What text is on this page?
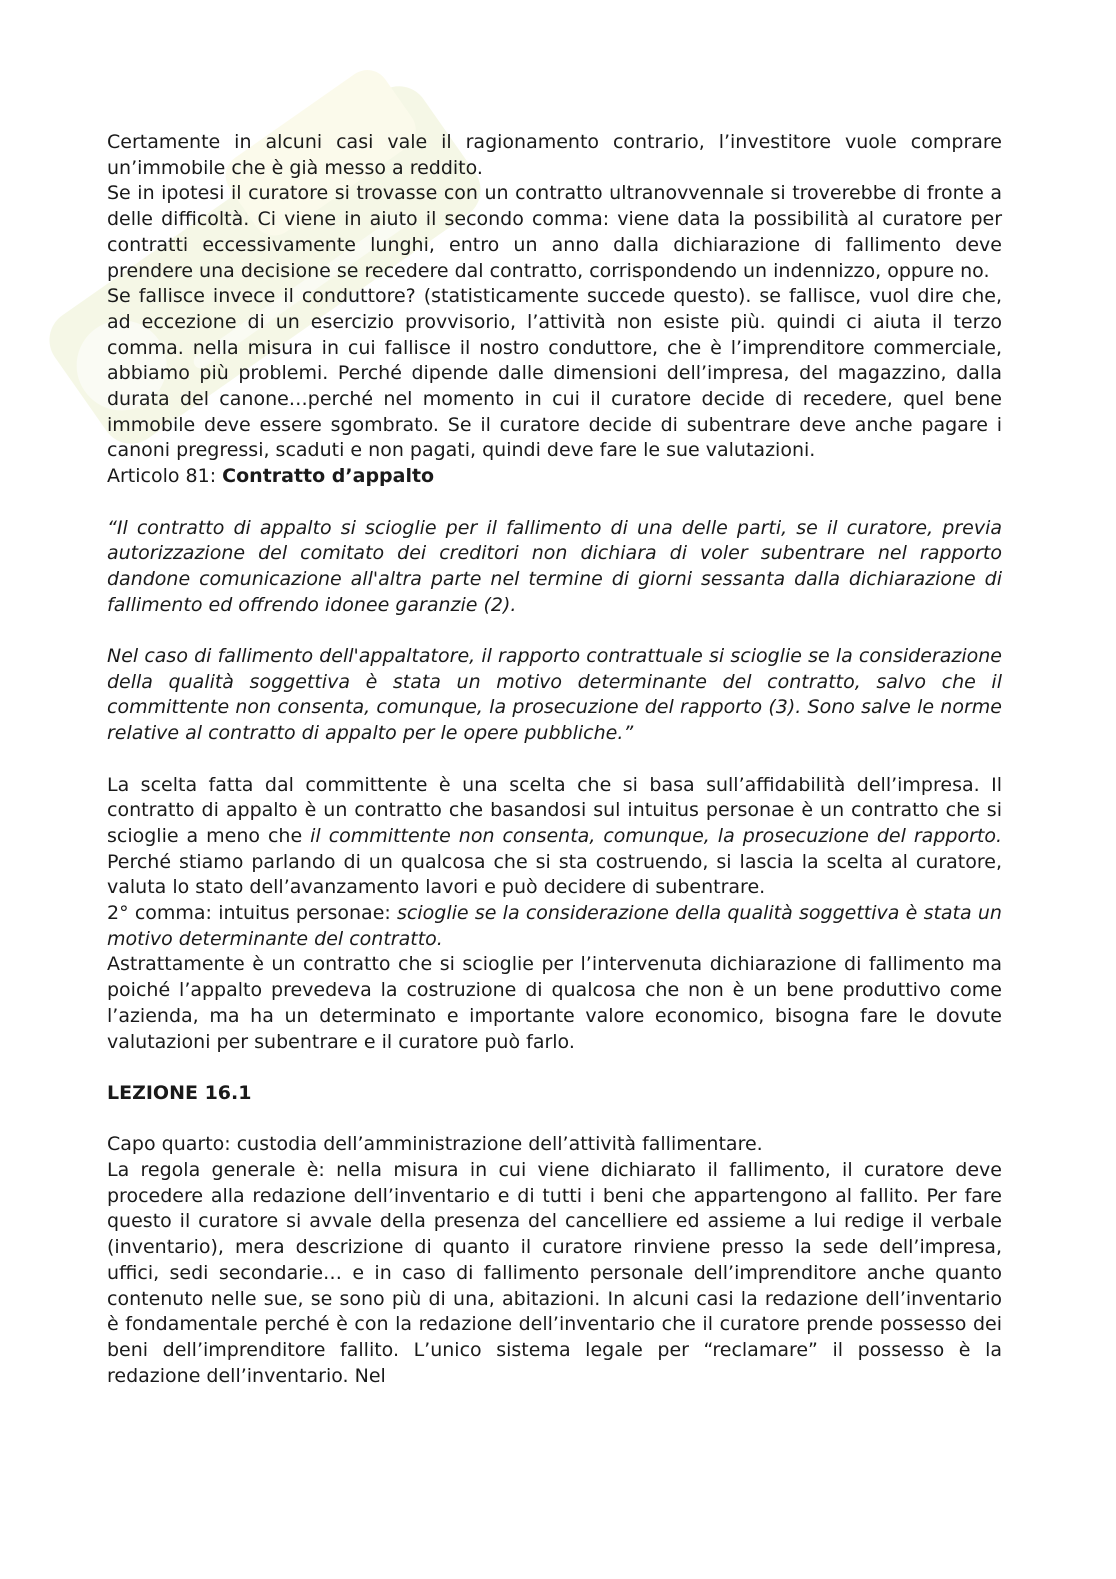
Certamente in alcuni casi vale il ragionamento contrario, l’investitore vuole comprare un’immobile che è già messo a reddito.

Se in ipotesi il curatore si trovasse con un contratto ultranovvennale si troverebbe di fronte a delle difficoltà. Ci viene in aiuto il secondo comma: viene data la possibilità al curatore per contratti eccessivamente lunghi, entro un anno dalla dichiarazione di fallimento deve prendere una decisione se recedere dal contratto, corrispondendo un indennizzo, oppure no.

Se fallisce invece il conduttore? (statisticamente succede questo). se fallisce, vuol dire che, ad eccezione di un esercizio provvisorio, l’attività non esiste più. quindi ci aiuta il terzo comma. nella misura in cui fallisce il nostro conduttore, che è l’imprenditore commerciale, abbiamo più problemi. Perché dipende dalle dimensioni dell’impresa, del magazzino, dalla durata del canone…perché nel momento in cui il curatore decide di recedere, quel bene immobile deve essere sgombrato. Se il curatore decide di subentrare deve anche pagare i canoni pregressi, scaduti e non pagati, quindi deve fare le sue valutazioni.

Articolo 81: Contratto d’appalto

“Il contratto di appalto si scioglie per il fallimento di una delle parti, se il curatore, previa autorizzazione del comitato dei creditori non dichiara di voler subentrare nel rapporto dandone comunicazione all'altra parte nel termine di giorni sessanta dalla dichiarazione di fallimento ed offrendo idonee garanzie (2).

Nel caso di fallimento dell'appaltatore, il rapporto contrattuale si scioglie se la considerazione della qualità soggettiva è stata un motivo determinante del contratto, salvo che il committente non consenta, comunque, la prosecuzione del rapporto (3). Sono salve le norme relative al contratto di appalto per le opere pubbliche.”

La scelta fatta dal committente è una scelta che si basa sull’affidabilità dell’impresa. Il contratto di appalto è un contratto che basandosi sul intuitus personae è un contratto che si scioglie a meno che il committente non consenta, comunque, la prosecuzione del rapporto. Perché stiamo parlando di un qualcosa che si sta costruendo, si lascia la scelta al curatore, valuta lo stato dell’avanzamento lavori e può decidere di subentrare.

2° comma: intuitus personae: scioglie se la considerazione della qualità soggettiva è stata un motivo determinante del contratto.

Astrattamente è un contratto che si scioglie per l’intervenuta dichiarazione di fallimento ma poiché l’appalto prevedeva la costruzione di qualcosa che non è un bene produttivo come l’azienda, ma ha un determinato e importante valore economico, bisogna fare le dovute valutazioni per subentrare e il curatore può farlo.

LEZIONE 16.1

Capo quarto: custodia dell’amministrazione dell’attività fallimentare.

La regola generale è: nella misura in cui viene dichiarato il fallimento, il curatore deve procedere alla redazione dell’inventario e di tutti i beni che appartengono al fallito. Per fare questo il curatore si avvale della presenza del cancelliere ed assieme a lui redige il verbale (inventario), mera descrizione di quanto il curatore rinviene presso la sede dell’impresa, uffici, sedi secondarie… e in caso di fallimento personale dell’imprenditore anche quanto contenuto nelle sue, se sono più di una, abitazioni. In alcuni casi la redazione dell’inventario è fondamentale perché è con la redazione dell’inventario che il curatore prende possesso dei beni dell’imprenditore fallito. L’unico sistema legale per “reclamare” il possesso è la redazione dell’inventario. Nel
